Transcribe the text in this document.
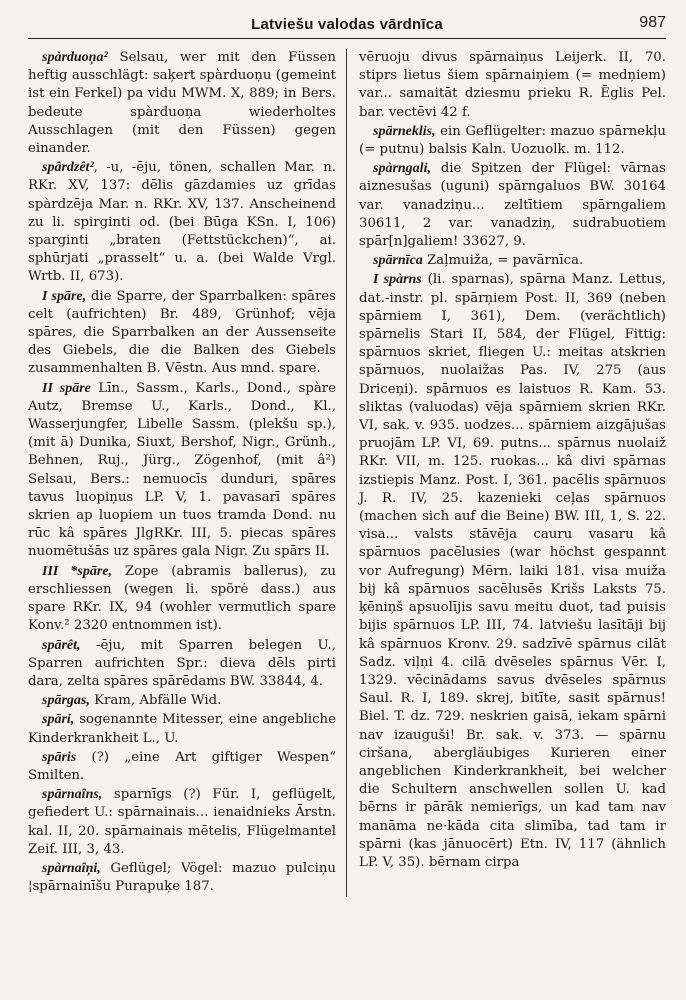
Latviešu valodas vārdnīca	987

spàrduoņa² Selsau, wer mit den Füssen heftig ausschlägt: saķert spàrduoņu (gemeint ist ein Ferkel) pa vidu MWM. X, 889; in Bers. bedeute spàrduoņa wiederholtes Ausschlagen (mit den Füssen) gegen einander.

spârdzêt², -u, -ēju, tönen, schallen Mar. n. RKr. XV, 137: dēlis gāzdamies uz grīdas spàrdzēja Mar. n. RKr. XV, 137. Anscheinend zu li. spirginti od. (bei Būga KSn. I, 106) sparginti „braten (Fettstückchen)“, ai. sphūrjati „prasselt“ u. a. (bei Walde Vrgl. Wrtb. II, 673).

I spāre, die Sparre, der Sparrbalken: spāres celt (aufrichten) Br. 489, Grünhof; vēja spāres, die Sparrbalken an der Aussenseite des Giebels, die die Balken des Giebels zusammenhalten B. Vēstn. Aus mnd. spare.

II spāre Līn., Sassm., Karls., Dond., spàre Autz, Bremse U., Karls., Dond., Kl., Wasserjungfer, Libelle Sassm. (plekšu sp.), (mit ā) Dunika, Siuxt, Bershof, Nigr., Grünh., Behnen, Ruj., Jürg., Zögenhof, (mit â²) Selsau, Bers.: nemuocīs dunduri, spāres tavus luopiņus LP. V, 1. pavasarī spāres skrien ap luopiem un tuos tramda Dond. nu rūc kâ spāres JlgRKr. III, 5. piecas spāres nuomētušās uz spāres gala Nigr. Zu spārs II.

III *spāre, Zope (abramis ballerus), zu erschliessen (wegen li. spõrė dass.) aus spare RKr. IX, 94 (wohler vermutlich spare Konv.² 2320 entnommen ist).

spārêt, -ēju, mit Sparren belegen U., Sparren aufrichten Spr.: dieva dēls pirti dara, zelta spāres spārēdams BW. 33844, 4.

spārgas, Kram, Abfälle Wid.

spāri, sogenannte Mitesser, eine angebliche Kinderkrankheit L., U.

spāris (?) „eine Art giftiger Wespen“ Smilten.

spārnaîns, sparnīgs (?) Für. I, geflügelt, gefiedert U.: spārnainais... ienaidnieks Ārstn. kal. II, 20. spārnainais mētelis, Flügelmantel Zeif. III, 3, 43.

spàrnaîņi, Geflügel; Vögel: mazuo pulciņu ¦spārnainīšu Purapuķe 187.

vēruoju divus spārnaiņus Leijerk. II, 70. stiprs lietus šiem spārnaiņiem (= medņiem) var... samaitāt dziesmu prieku R. Ēglis Pel. bar. vectēvi 42 f.

spārneklis, ein Geflügelter: mazuo spārnekļu (= putnu) balsis Kaln. Uozuolk. m. 112.

spàrngali, die Spitzen der Flügel: vārnas aiznesušas (uguni) spārngaluos BW. 30164 var. vanadziņu... zeltītiem spārngaliem 30611, 2 var. vanadziņ, sudrabuotiem spār[n]galiem! 33627, 9.

spārnīca Zaļmuiža, = pavārnīca.

I spàrns (li. sparnas), spārna Manz. Lettus, dat.-instr. pl. spārņiem Post. II, 369 (neben spārniem I, 361), Dem. (verächtlich) spārnelis Stari II, 584, der Flügel, Fittig: spārnuos skriet, fliegen U.: meitas atskrien spārnuos, nuolaižas Pas. IV, 275 (aus Driceņi). spārnuos es laistuos R. Kam. 53. sliktas (valuodas) vēja spārniem skrien RKr. VI, sak. v. 935. uodzes... spārniem aizgājušas pruojām LP. VI, 69. putns... spārnus nuolaiž RKr. VII, m. 125. ruokas... kâ divi spārnas izstiepis Manz. Post. I, 361. pacēlis spārnuos J. R. IV, 25. kazenieki ceļas spārnuos (machen sich auf die Beine) BW. III, 1, S. 22. visa... valsts stāvēja cauru vasaru kâ spārnuos pacēlusies (war höchst gespannt vor Aufregung) Mērn. laiki 181. visa muiža bij kâ spārnuos sacēlusēs Krišs Laksts 75. ķēniņš apsuolījis savu meitu duot, tad puisis bijis spārnuos LP. III, 74. latviešu lasītāji bij kâ spārnuos Kronv. 29. sadzīvē spārnus cilāt Sadz. viļņi 4. cilā dvēseles spārnus Vēr. I, 1329. vēcinādams savus dvēseles spārnus Saul. R. I, 189. skrej, bitīte, sasit spārnus! Biel. T. dz. 729. neskrien gaisā, iekam spārni nav izauguši! Br. sak. v. 373. — spārnu ciršana, abergläubiges Kurieren einer angeblichen Kinderkrankheit, bei welcher die Schultern anschwellen sollen U. kad bērns ir pārāk nemierīgs, un kad tam nav manāma ne·kāda cita slimība, tad tam ir spārni (kas jānuocērt) Etn. IV, 117 (ähnlich LP. V, 35). bērnam cirpa
